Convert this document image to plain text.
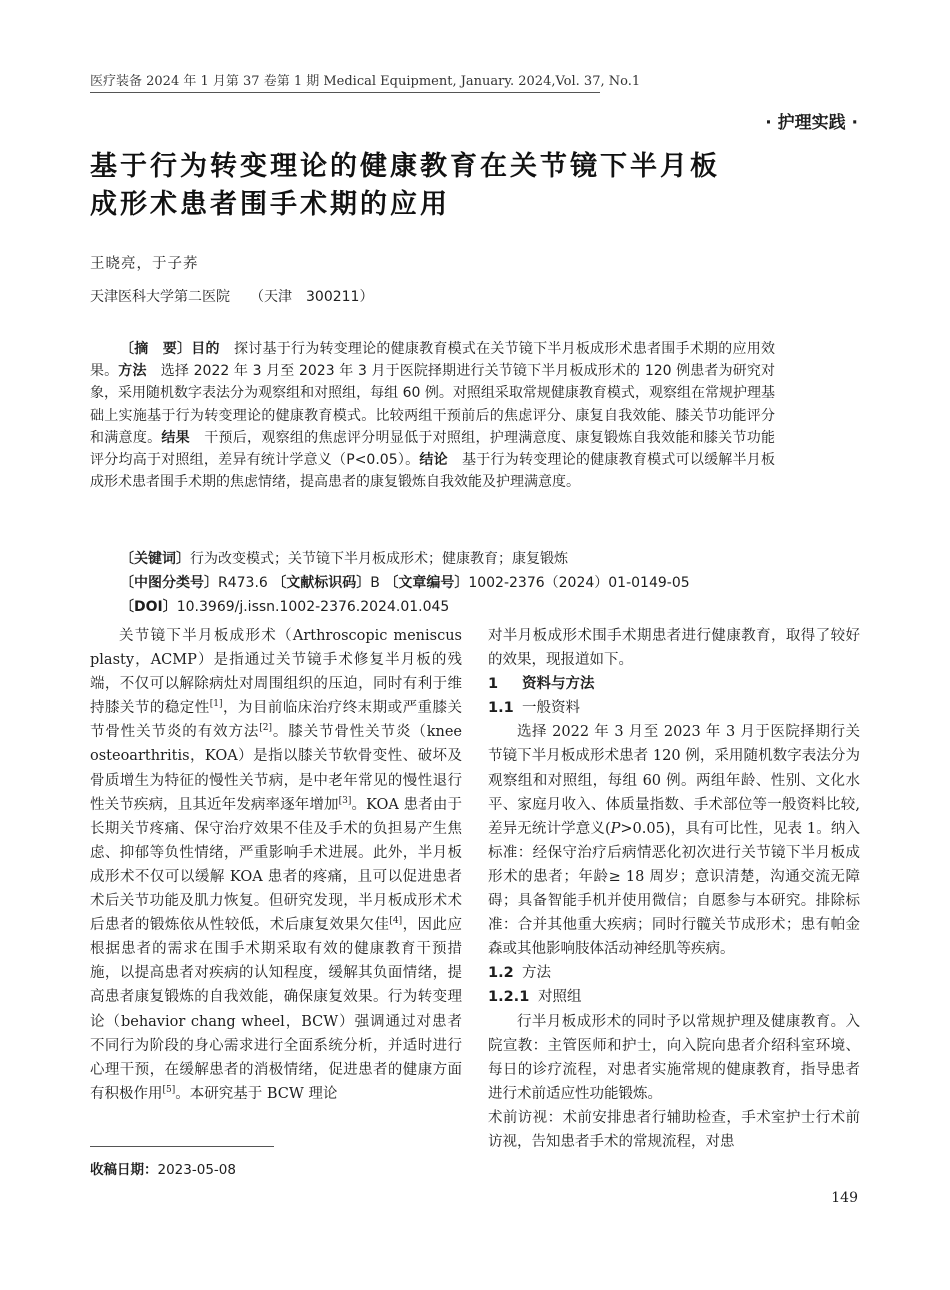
医疗装备 2024 年 1 月第 37 卷第 1 期 Medical Equipment, January. 2024,Vol. 37, No.1
· 护理实践 ·
基于行为转变理论的健康教育在关节镜下半月板
成形术患者围手术期的应用
王晓亮，于子荞
天津医科大学第二医院 （天津　300211）

〔摘　要〕目的　探讨基于行为转变理论的健康教育模式在关节镜下半月板成形术患者围手术期的应用效果。方法　选择 2022 年 3 月至 2023 年 3 月于医院择期进行关节镜下半月板成形术的 120 例患者为研究对象，采用随机数字表法分为观察组和对照组，每组 60 例。对照组采取常规健康教育模式，观察组在常规护理基础上实施基于行为转变理论的健康教育模式。比较两组干预前后的焦虑评分、康复自我效能、膝关节功能评分和满意度。结果　干预后，观察组的焦虑评分明显低于对照组，护理满意度、康复锻炼自我效能和膝关节功能评分均高于对照组，差异有统计学意义（P<0.05）。结论　基于行为转变理论的健康教育模式可以缓解半月板成形术患者围手术期的焦虑情绪，提高患者的康复锻炼自我效能及护理满意度。

〔关键词〕行为改变模式；关节镜下半月板成形术；健康教育；康复锻炼
〔中图分类号〕R473.6 〔文献标识码〕B 〔文章编号〕1002-2376（2024）01-0149-05
〔DOI〕10.3969/j.issn.1002-2376.2024.01.045

关节镜下半月板成形术（Arthroscopic meniscus plasty，ACMP）是指通过关节镜手术修复半月板的残端，不仅可以解除病灶对周围组织的压迫，同时有利于维持膝关节的稳定性[1]，为目前临床治疗终末期或严重膝关节骨性关节炎的有效方法[2]。膝关节骨性关节炎（knee osteoarthritis，KOA）是指以膝关节软骨变性、破坏及骨质增生为特征的慢性关节病，是中老年常见的慢性退行性关节疾病，且其近年发病率逐年增加[3]。KOA 患者由于长期关节疼痛、保守治疗效果不佳及手术的负担易产生焦虑、抑郁等负性情绪，严重影响手术进展。此外，半月板成形术不仅可以缓解 KOA 患者的疼痛，且可以促进患者术后关节功能及肌力恢复。但研究发现，半月板成形术术后患者的锻炼依从性较低，术后康复效果欠佳[4]，因此应根据患者的需求在围手术期采取有效的健康教育干预措施，以提高患者对疾病的认知程度，缓解其负面情绪，提高患者康复锻炼的自我效能，确保康复效果。行为转变理论（behavior chang wheel，BCW）强调通过对患者不同行为阶段的身心需求进行全面系统分析，并适时进行心理干预，在缓解患者的消极情绪，促进患者的健康方面有积极作用[5]。本研究基于 BCW 理论

对半月板成形术围手术期患者进行健康教育，取得了较好的效果，现报道如下。

1 资料与方法
1.1 一般资料

选择 2022 年 3 月至 2023 年 3 月于医院择期行关节镜下半月板成形术患者 120 例，采用随机数字表法分为观察组和对照组，每组 60 例。两组年龄、性别、文化水平、家庭月收入、体质量指数、手术部位等一般资料比较,差异无统计学意义(P>0.05)，具有可比性，见表 1。纳入标准：经保守治疗后病情恶化初次进行关节镜下半月板成形术的患者；年龄≥ 18 周岁；意识清楚，沟通交流无障碍；具备智能手机并使用微信；自愿参与本研究。排除标准：合并其他重大疾病；同时行髋关节成形术；患有帕金森或其他影响肢体活动神经肌等疾病。

1.2 方法
1.2.1 对照组

行半月板成形术的同时予以常规护理及健康教育。入院宣教：主管医师和护士，向入院向患者介绍科室环境、每日的诊疗流程，对患者实施常规的健康教育，指导患者进行术前适应性功能锻炼。

术前访视：术前安排患者行辅助检查，手术室护士行术前访视，告知患者手术的常规流程，对患

收稿日期：2023-05-08
149
